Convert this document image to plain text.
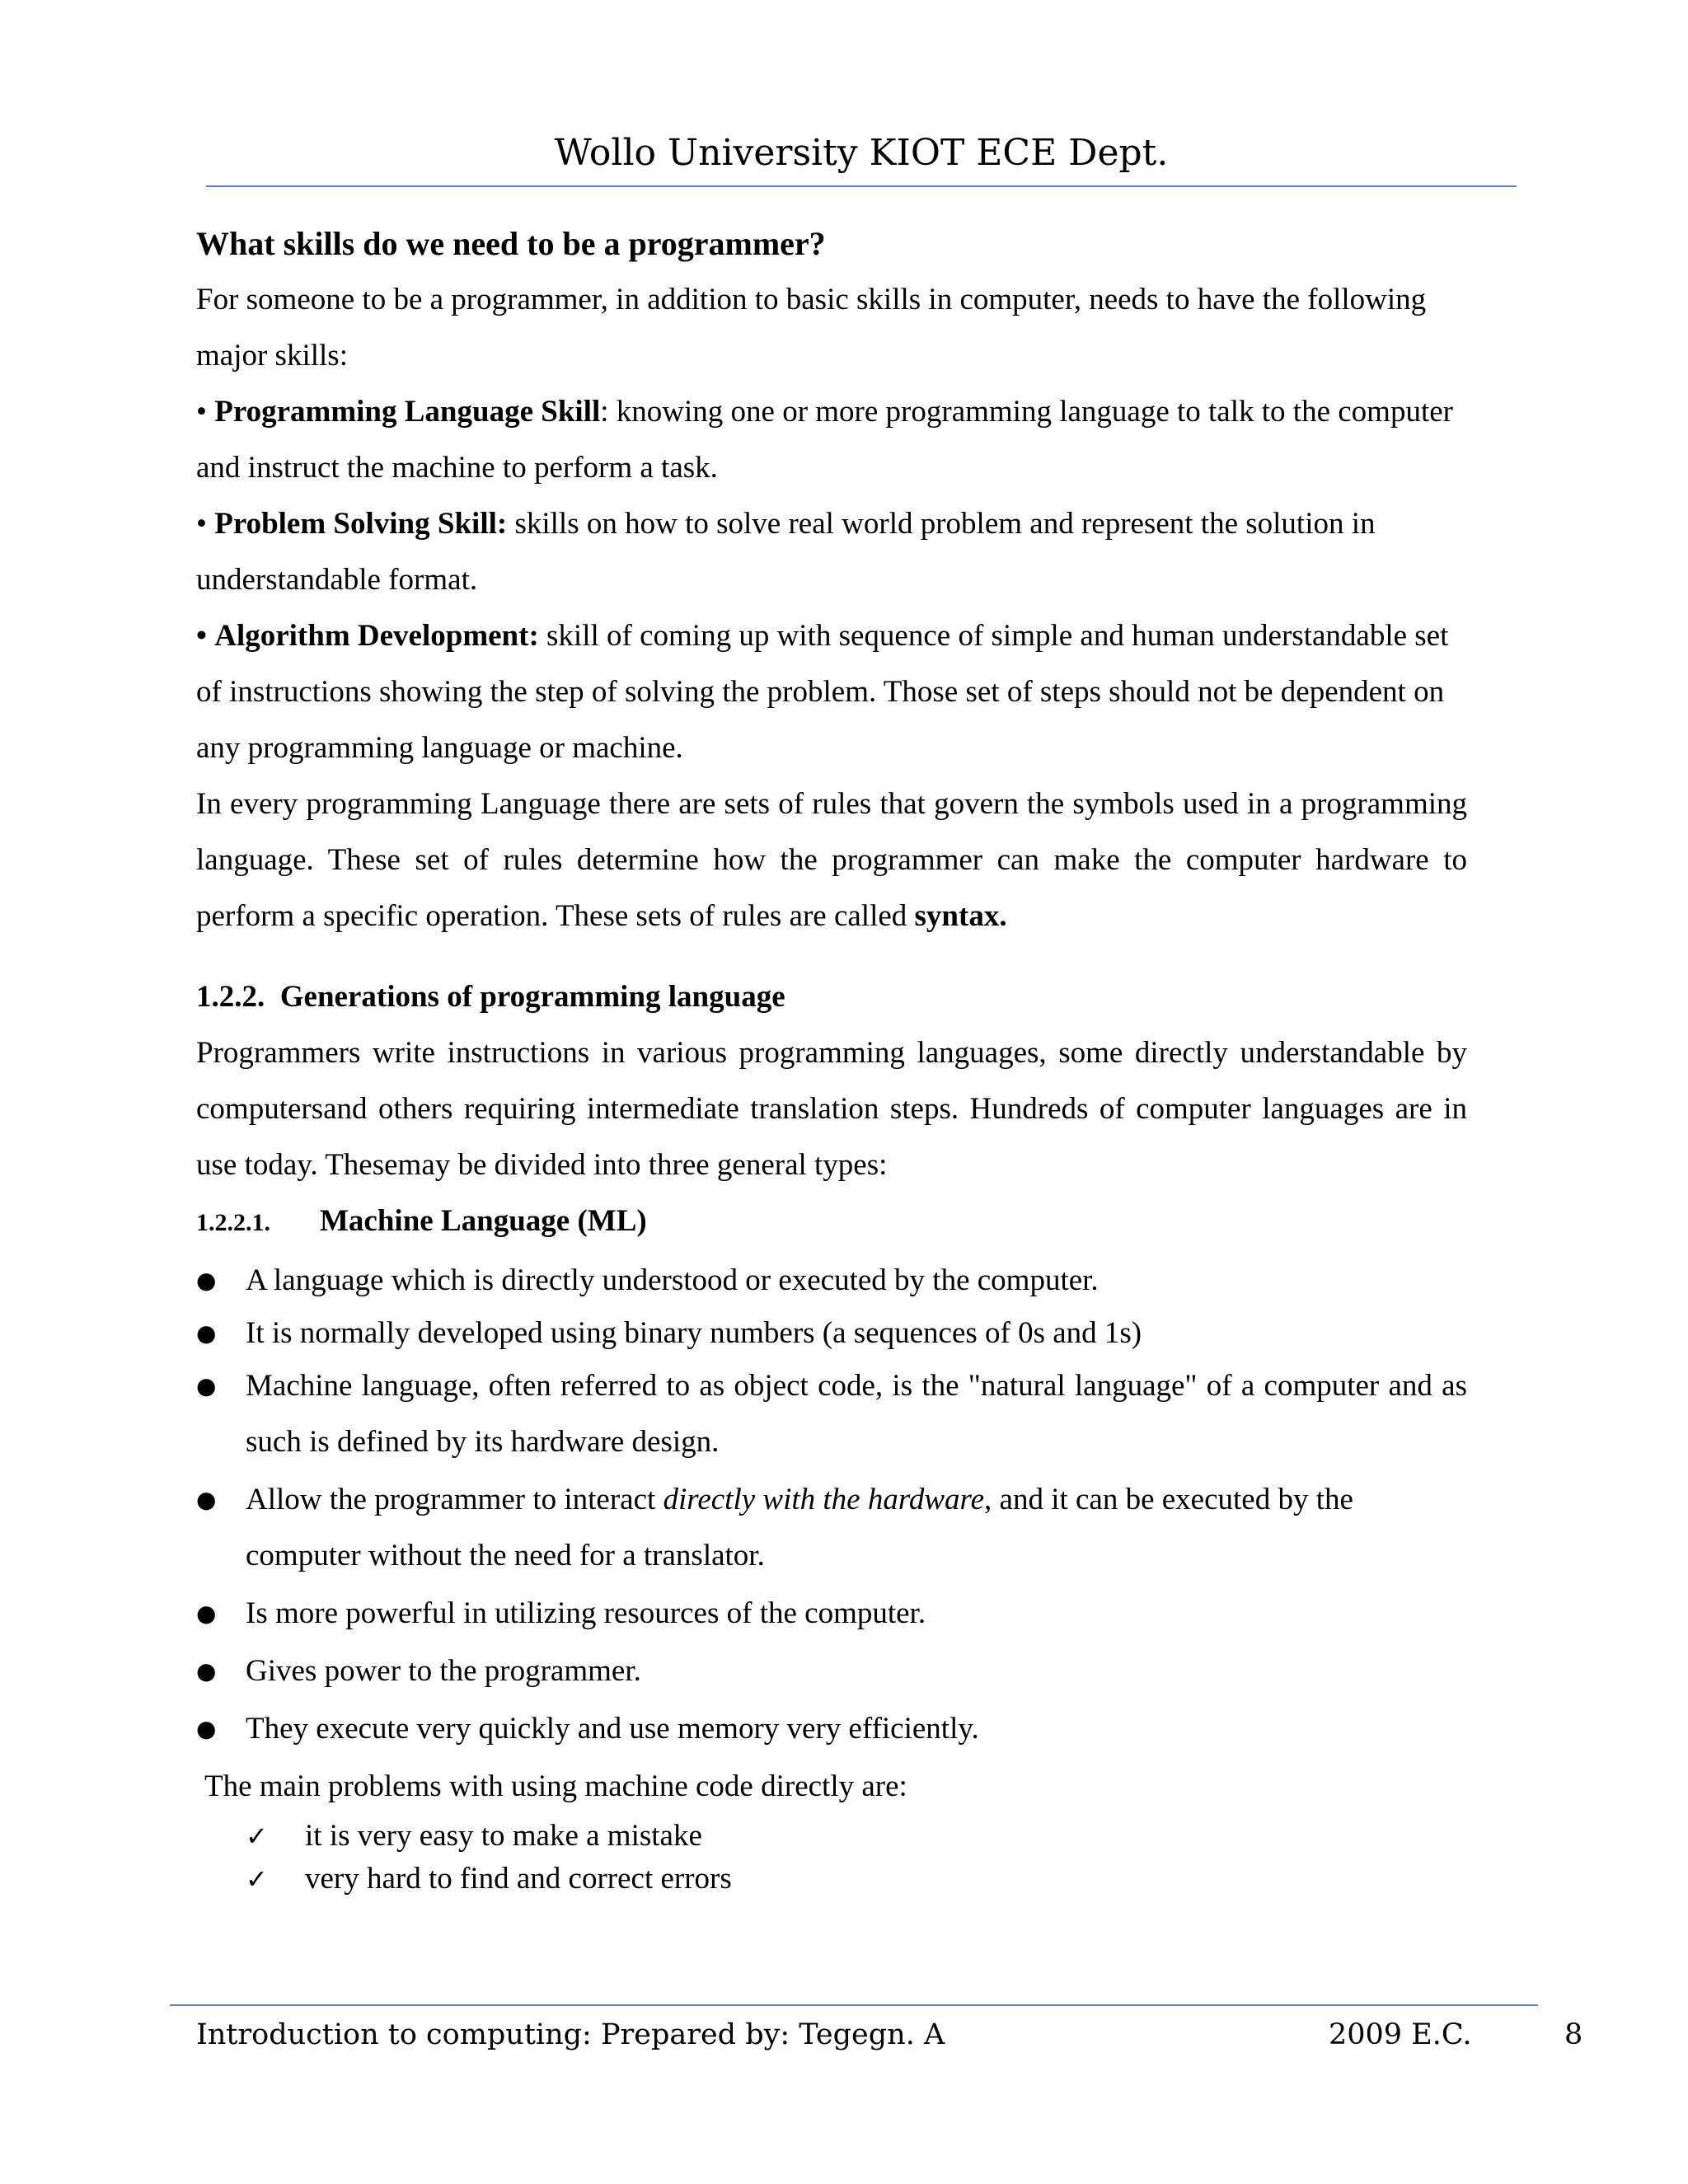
Wollo University KIOT ECE Dept.

What skills do we need to be a programmer?

For someone to be a programmer, in addition to basic skills in computer, needs to have the following major skills:

• Programming Language Skill: knowing one or more programming language to talk to the computer and instruct the machine to perform a task.

• Problem Solving Skill: skills on how to solve real world problem and represent the solution in understandable format.

• Algorithm Development: skill of coming up with sequence of simple and human understandable set of instructions showing the step of solving the problem. Those set of steps should not be dependent on any programming language or machine.

In every programming Language there are sets of rules that govern the symbols used in a programming language. These set of rules determine how the programmer can make the computer hardware to perform a specific operation. These sets of rules are called syntax.

1.2.2. Generations of programming language

Programmers write instructions in various programming languages, some directly understandable by computersand others requiring intermediate translation steps. Hundreds of computer languages are in use today. Thesemay be divided into three general types:

1.2.2.1. Machine Language (ML)

● A language which is directly understood or executed by the computer.
● It is normally developed using binary numbers (a sequences of 0s and 1s)
● Machine language, often referred to as object code, is the "natural language" of a computer and as such is defined by its hardware design.
● Allow the programmer to interact directly with the hardware, and it can be executed by the computer without the need for a translator.
● Is more powerful in utilizing resources of the computer.
● Gives power to the programmer.
● They execute very quickly and use memory very efficiently.

The main problems with using machine code directly are:

✓ it is very easy to make a mistake
✓ very hard to find and correct errors
Introduction to computing: Prepared by: Tegegn. A	2009 E.C.	8
